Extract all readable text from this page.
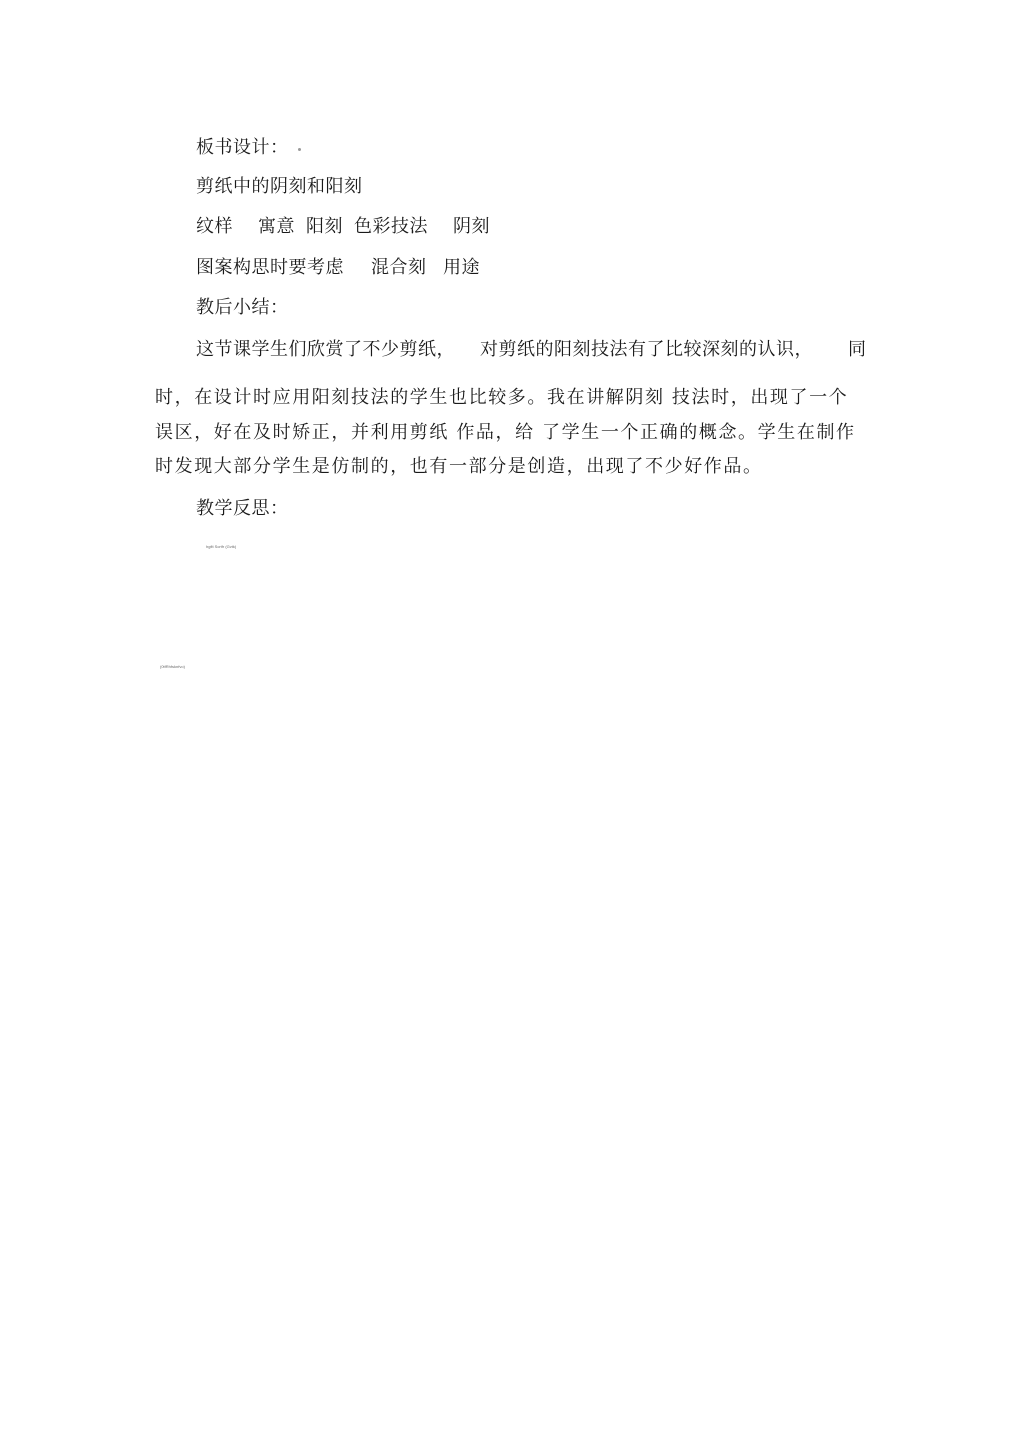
板书设计：
剪纸中的阴刻和阳刻
纹样 寓意 阳刻 色彩技法 阴刻
图案构思时要考虑 混合刻 用途
教后小结：
这节课学生们欣赏了不少剪纸， 对剪纸的阳刻技法有了比较深刻的认识， 同
时，在设计时应用阳刻技法的学生也比较多。我在讲解阴刻 技法时，出现了一个
误区，好在及时矫正，并利用剪纸 作品，给 了学生一个正确的概念。学生在制作
时发现大部分学生是仿制的，也有一部分是创造，出现了不少好作品。
教学反思：
hgfit Scrtfr (Gvtk)
(0tfRhfsknfvo)
